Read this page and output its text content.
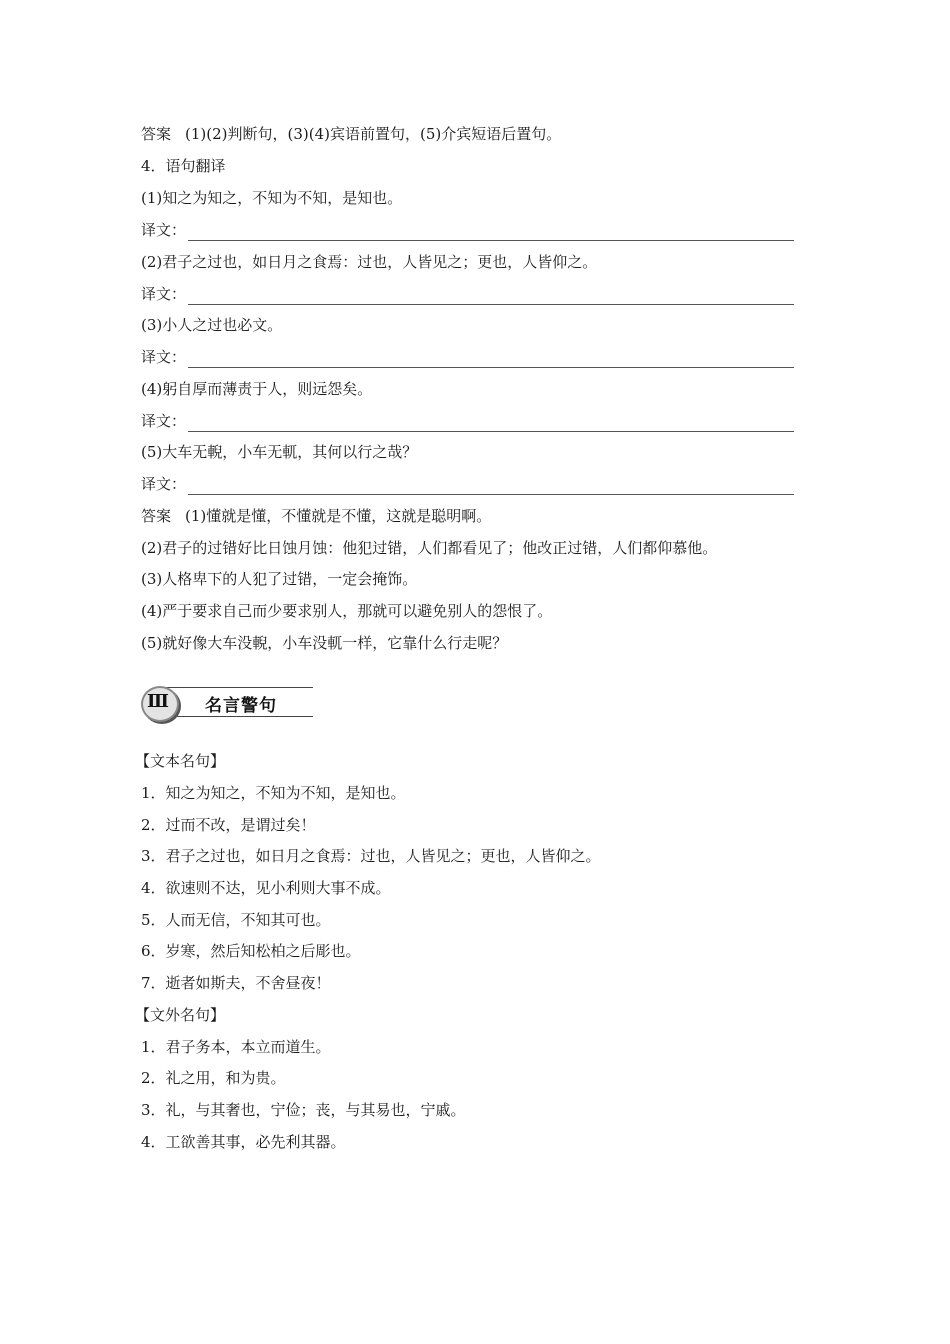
答案 (1)(2)判断句，(3)(4)宾语前置句，(5)介宾短语后置句。
4．语句翻译
(1)知之为知之，不知为不知，是知也。
译文：
(2)君子之过也，如日月之食焉：过也，人皆见之；更也，人皆仰之。
译文：
(3)小人之过也必文。
译文：
(4)躬自厚而薄责于人，则远怨矣。
译文：
(5)大车无輗，小车无軏，其何以行之哉？
译文：
答案 (1)懂就是懂，不懂就是不懂，这就是聪明啊。
(2)君子的过错好比日蚀月蚀：他犯过错，人们都看见了；他改正过错，人们都仰慕他。
(3)人格卑下的人犯了过错，一定会掩饰。
(4)严于要求自己而少要求别人，那就可以避免别人的怨恨了。
(5)就好像大车没輗，小车没軏一样，它靠什么行走呢？
Ⅲ	名言警句
【文本名句】
1．知之为知之，不知为不知，是知也。
2．过而不改，是谓过矣！
3．君子之过也，如日月之食焉：过也，人皆见之；更也，人皆仰之。
4．欲速则不达，见小利则大事不成。
5．人而无信，不知其可也。
6．岁寒，然后知松柏之后彫也。
7．逝者如斯夫，不舍昼夜！
【文外名句】
1．君子务本，本立而道生。
2．礼之用，和为贵。
3．礼，与其奢也，宁俭；丧，与其易也，宁戚。
4．工欲善其事，必先利其器。
